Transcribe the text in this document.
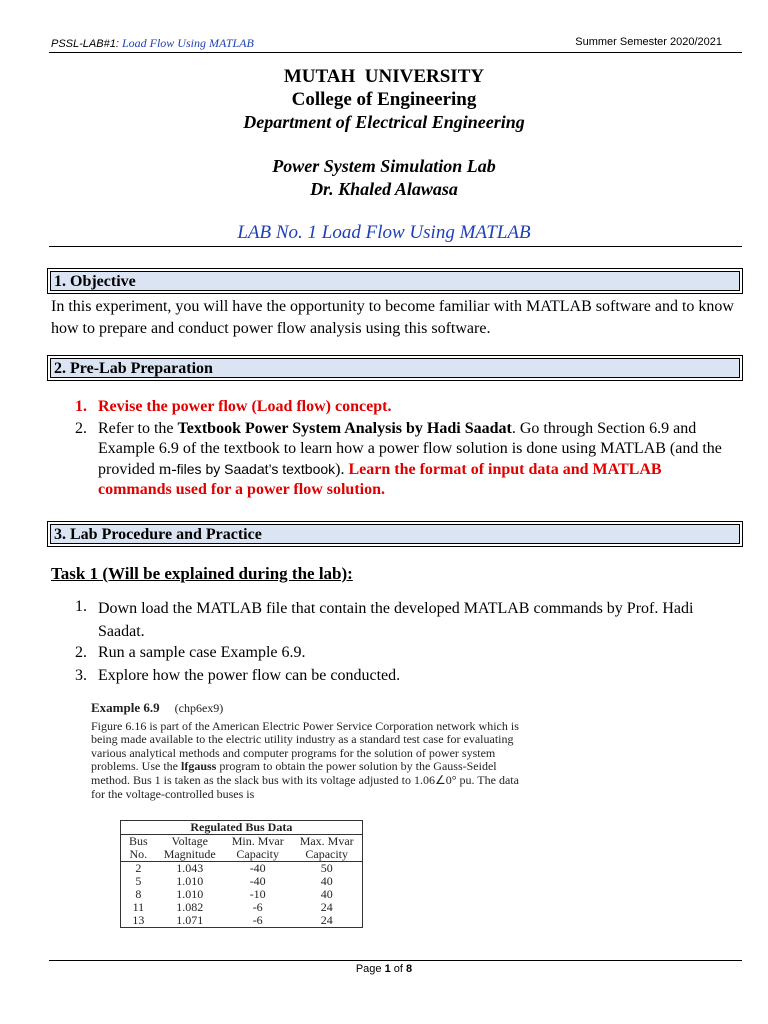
PSSL-LAB#1: Load Flow Using MATLAB	Summer Semester 2020/2021
MUTAH  UNIVERSITY
College of Engineering
Department of Electrical Engineering
Power System Simulation Lab
Dr. Khaled Alawasa
LAB No. 1 Load Flow Using MATLAB
1. Objective
In this experiment, you will have the opportunity to become familiar with MATLAB software and to know how to prepare and conduct power flow analysis using this software.
2. Pre-Lab Preparation
1. Revise the power flow (Load flow) concept.
2. Refer to the Textbook Power System Analysis by Hadi Saadat. Go through Section 6.9 and Example 6.9 of the textbook to learn how a power flow solution is done using MATLAB (and the provided m-files by Saadat’s textbook). Learn the format of input data and MATLAB commands used for a power flow solution.
3. Lab Procedure and Practice
Task 1 (Will be explained during the lab):
1. Down load the MATLAB file that contain the developed MATLAB commands by Prof. Hadi Saadat.
2. Run a sample case Example 6.9.
3. Explore how the power flow can be conducted.
Example 6.9 (chp6ex9)
Figure 6.16 is part of the American Electric Power Service Corporation network which is being made available to the electric utility industry as a standard test case for evaluating various analytical methods and computer programs for the solution of power system problems. Use the lfgauss program to obtain the power solution by the Gauss-Seidel method. Bus 1 is taken as the slack bus with its voltage adjusted to 1.06∠0° pu. The data for the voltage-controlled buses is
Regulated Bus Data			
Bus	Voltage	Min. Mvar	Max. Mvar
No.	Magnitude	Capacity	Capacity
2	1.043	-40	50
5	1.010	-40	40
8	1.010	-10	40
11	1.082	-6	24
13	1.071	-6	24
Page 1 of 8
